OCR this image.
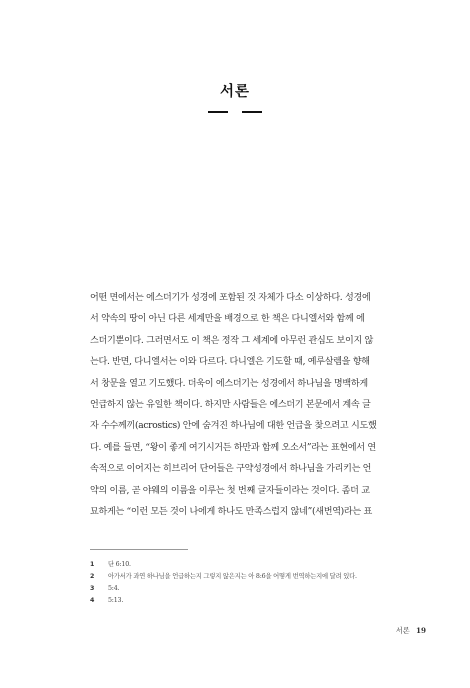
서론
어떤 면에서는 에스더기가 성경에 포함된 것 자체가 다소 이상하다. 성경에
서 약속의 땅이 아닌 다른 세계만을 배경으로 한 책은 다니엘서와 함께 에
스더기뿐이다. 그러면서도 이 책은 정작 그 세계에 아무런 관심도 보이지 않
는다. 반면, 다니엘서는 이와 다르다. 다니엘은 기도할 때, 예루살렘을 향해
서 창문을 열고 기도했다. 더욱이 에스더기는 성경에서 하나님을 명백하게
언급하지 않는 유일한 책이다. 하지만 사람들은 에스더기 본문에서 계속 글
자 수수께끼(acrostics) 안에 숨겨진 하나님에 대한 언급을 찾으려고 시도했
다. 예를 들면, “왕이 좋게 여기시거든 하만과 함께 오소서”라는 표현에서 연
속적으로 이어지는 히브리어 단어들은 구약성경에서 하나님을 가리키는 언
약의 이름, 곧 야웨의 이름을 이루는 첫 번째 글자들이라는 것이다. 좀더 교
묘하게는 “이런 모든 것이 나에게 하나도 만족스럽지 않네”(새번역)라는 표
1	단 6:10.
2	아가서가 과연 하나님을 언급하는지 그렇지 않은지는 아 8:6을 어떻게 번역하는지에 달려 있다.
3	5:4.
4	5:13.
서론 19
